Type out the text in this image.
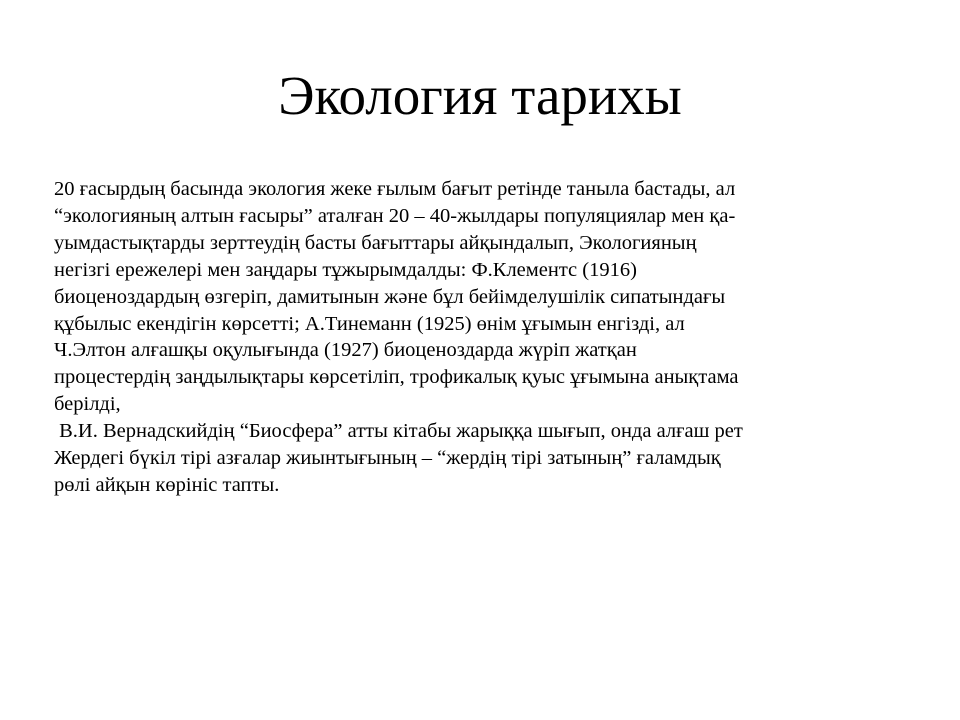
Экология тарихы
20 ғасырдың басында экология жеке ғылым бағыт ретінде танылa бастады, ал
“экологияның алтын ғасыры” аталған 20 – 40-жылдары популяциялар мен қа-
уымдастықтарды зерттеудің басты бағыттары айқындалып, Экологияның
негізгі ережелері мен заңдары тұжырымдалды: Ф.Клементс (1916)
биоценоздардың өзгеріп, дамитынын және бұл бейімделушілік сипатындағы
құбылыс екендігін көрсетті; А.Тинеманн (1925) өнім ұғымын енгізді, ал
Ч.Элтон алғашқы оқулығында (1927) биоценоздарда жүріп жатқан
процестердің заңдылықтары көрсетіліп, трофикалық қуыс ұғымына анықтама
берілді,
В.И. Вернадскийдің “Биосфера” атты кітабы жарыққа шығып, онда алғаш рет
Жердегі бүкіл тірі азғалар жиынтығының – “жердің тірі затының” ғаламдық
рөлі айқын көрініс тапты.
